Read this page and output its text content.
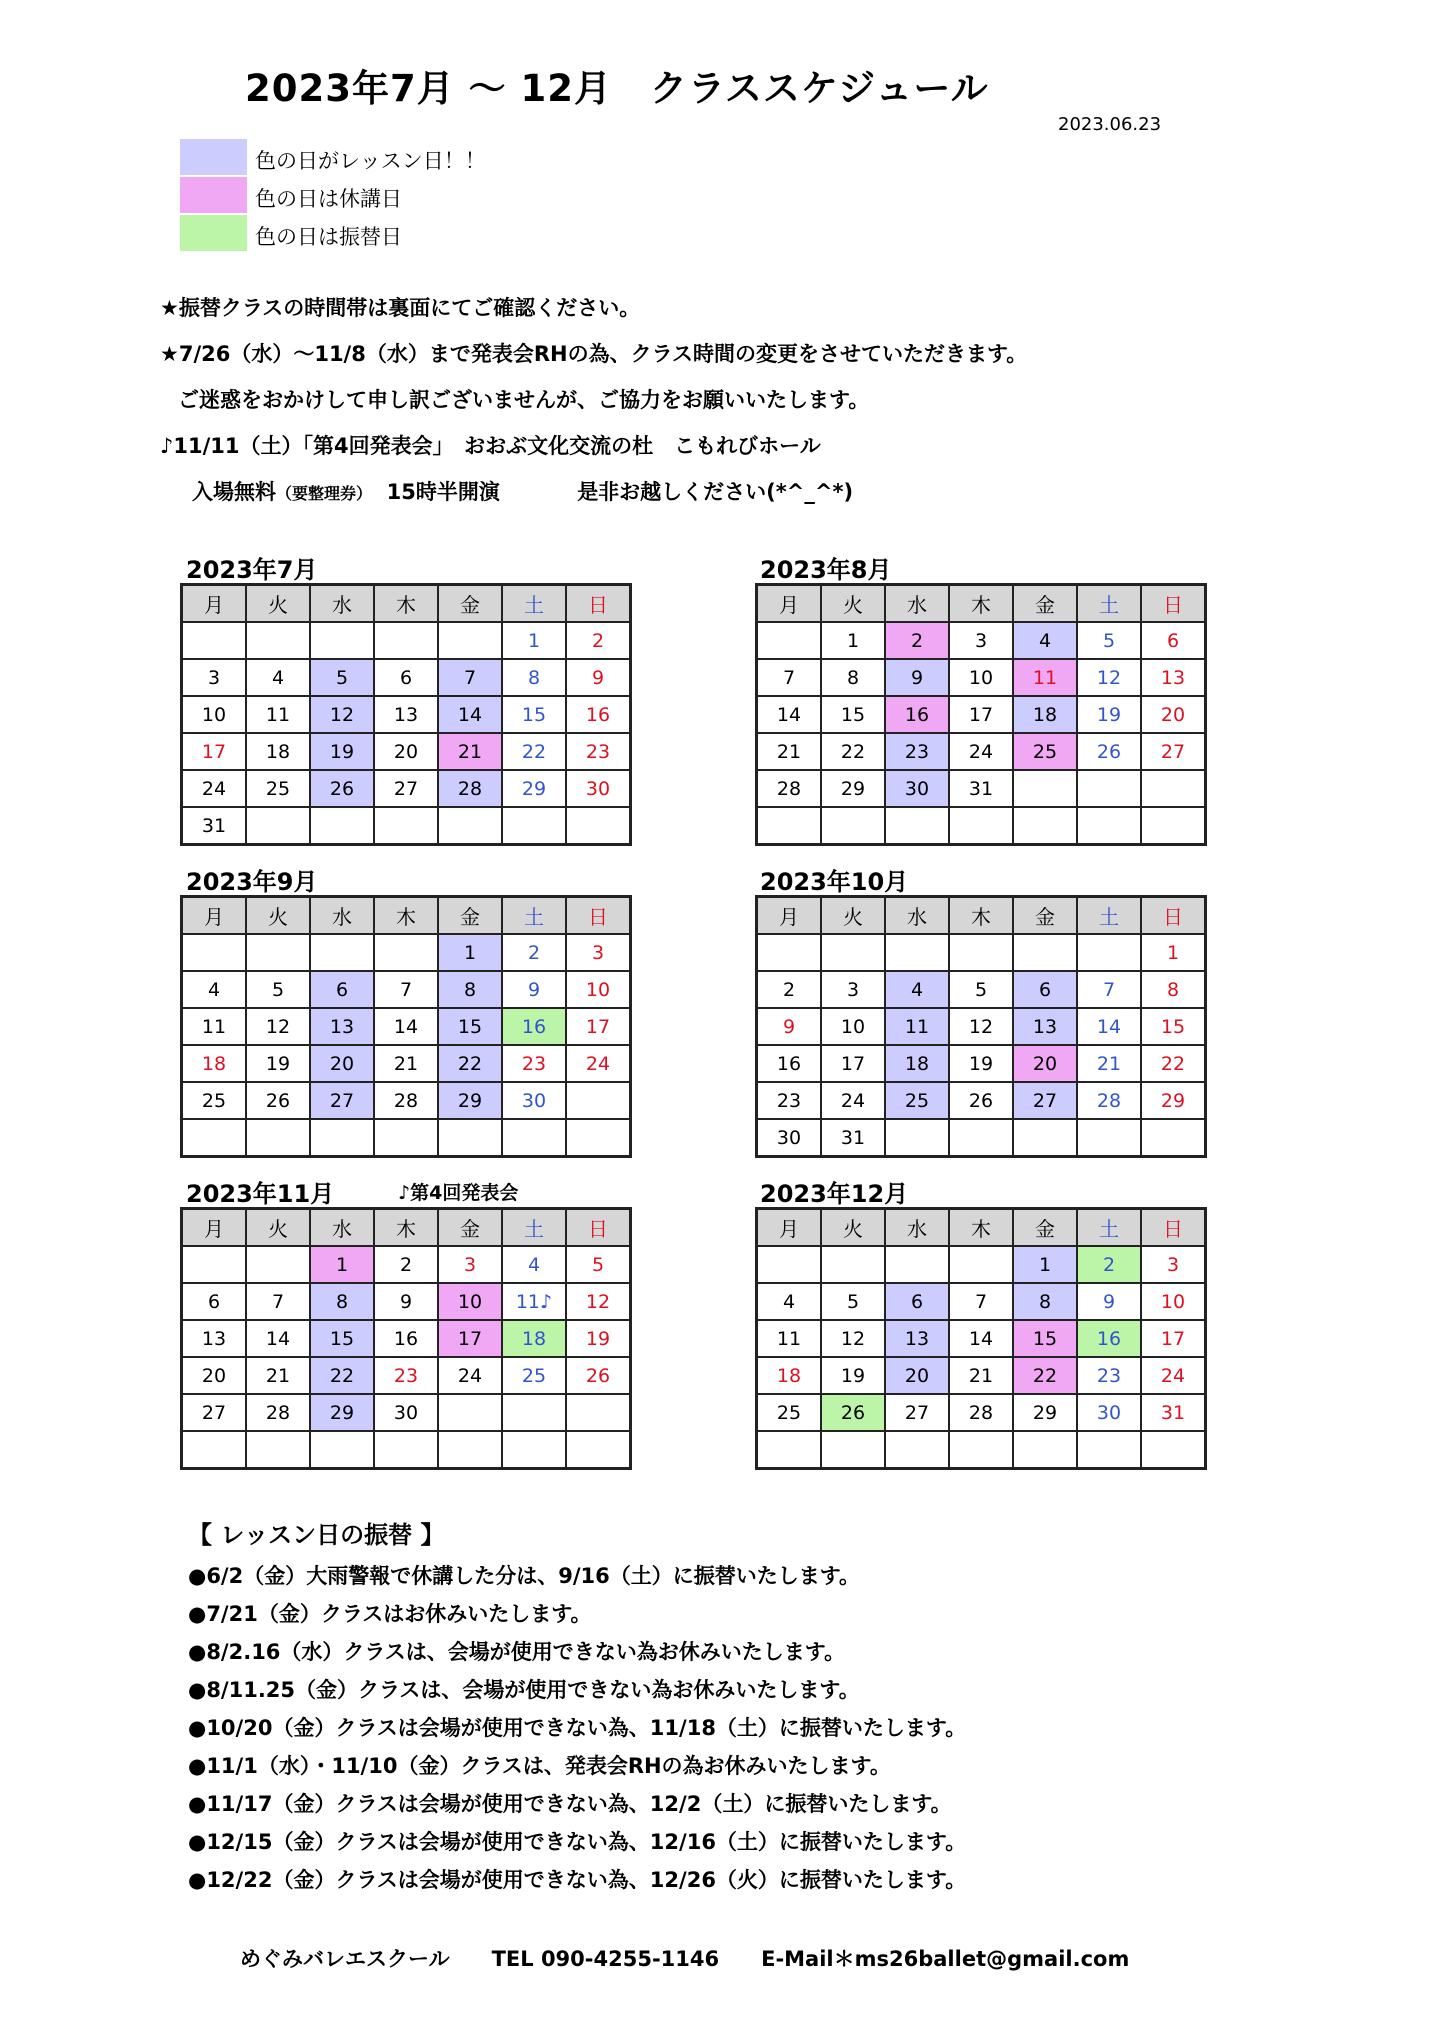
2023年7月 ～ 12月　クラススケジュール
2023.06.23
色の日がレッスン日！！
色の日は休講日
色の日は振替日
★振替クラスの時間帯は裏面にてご確認ください。
★7/26（水）～11/8（水）まで発表会RHの為、クラス時間の変更をさせていただきます。
ご迷惑をおかけして申し訳ございませんが、ご協力をお願いいたします。
♪11/11（土）「第4回発表会」　おおぶ文化交流の杜　こもれびホール
入場無料（要整理券） 15時半開演	是非お越しください(*^_^*)
2023年7月
月	火	水	木	金	土	日
					1	2
3	4	5	6	7	8	9
10	11	12	13	14	15	16
17	18	19	20	21	22	23
24	25	26	27	28	29	30
31						
2023年8月
月	火	水	木	金	土	日
	1	2	3	4	5	6
7	8	9	10	11	12	13
14	15	16	17	18	19	20
21	22	23	24	25	26	27
28	29	30	31			

2023年9月
月	火	水	木	金	土	日
				1	2	3
4	5	6	7	8	9	10
11	12	13	14	15	16	17
18	19	20	21	22	23	24
25	26	27	28	29	30	

2023年10月
月	火	水	木	金	土	日
						1
2	3	4	5	6	7	8
9	10	11	12	13	14	15
16	17	18	19	20	21	22
23	24	25	26	27	28	29
30	31					
2023年11月	♪第4回発表会
月	火	水	木	金	土	日
		1	2	3	4	5
6	7	8	9	10	11♪	12
13	14	15	16	17	18	19
20	21	22	23	24	25	26
27	28	29	30			

2023年12月
月	火	水	木	金	土	日
				1	2	3
4	5	6	7	8	9	10
11	12	13	14	15	16	17
18	19	20	21	22	23	24
25	26	27	28	29	30	31

【 レッスン日の振替 】
●6/2（金）大雨警報で休講した分は、9/16（土）に振替いたします。
●7/21（金）クラスはお休みいたします。
●8/2.16（水）クラスは、会場が使用できない為お休みいたします。
●8/11.25（金）クラスは、会場が使用できない為お休みいたします。
●10/20（金）クラスは会場が使用できない為、11/18（土）に振替いたします。
●11/1（水）・11/10（金）クラスは、発表会RHの為お休みいたします。
●11/17（金）クラスは会場が使用できない為、12/2（土）に振替いたします。
●12/15（金）クラスは会場が使用できない為、12/16（土）に振替いたします。
●12/22（金）クラスは会場が使用できない為、12/26（火）に振替いたします。
めぐみバレエスクール　　TEL 090-4255-1146　　E-Mail＊ms26ballet@gmail.com
